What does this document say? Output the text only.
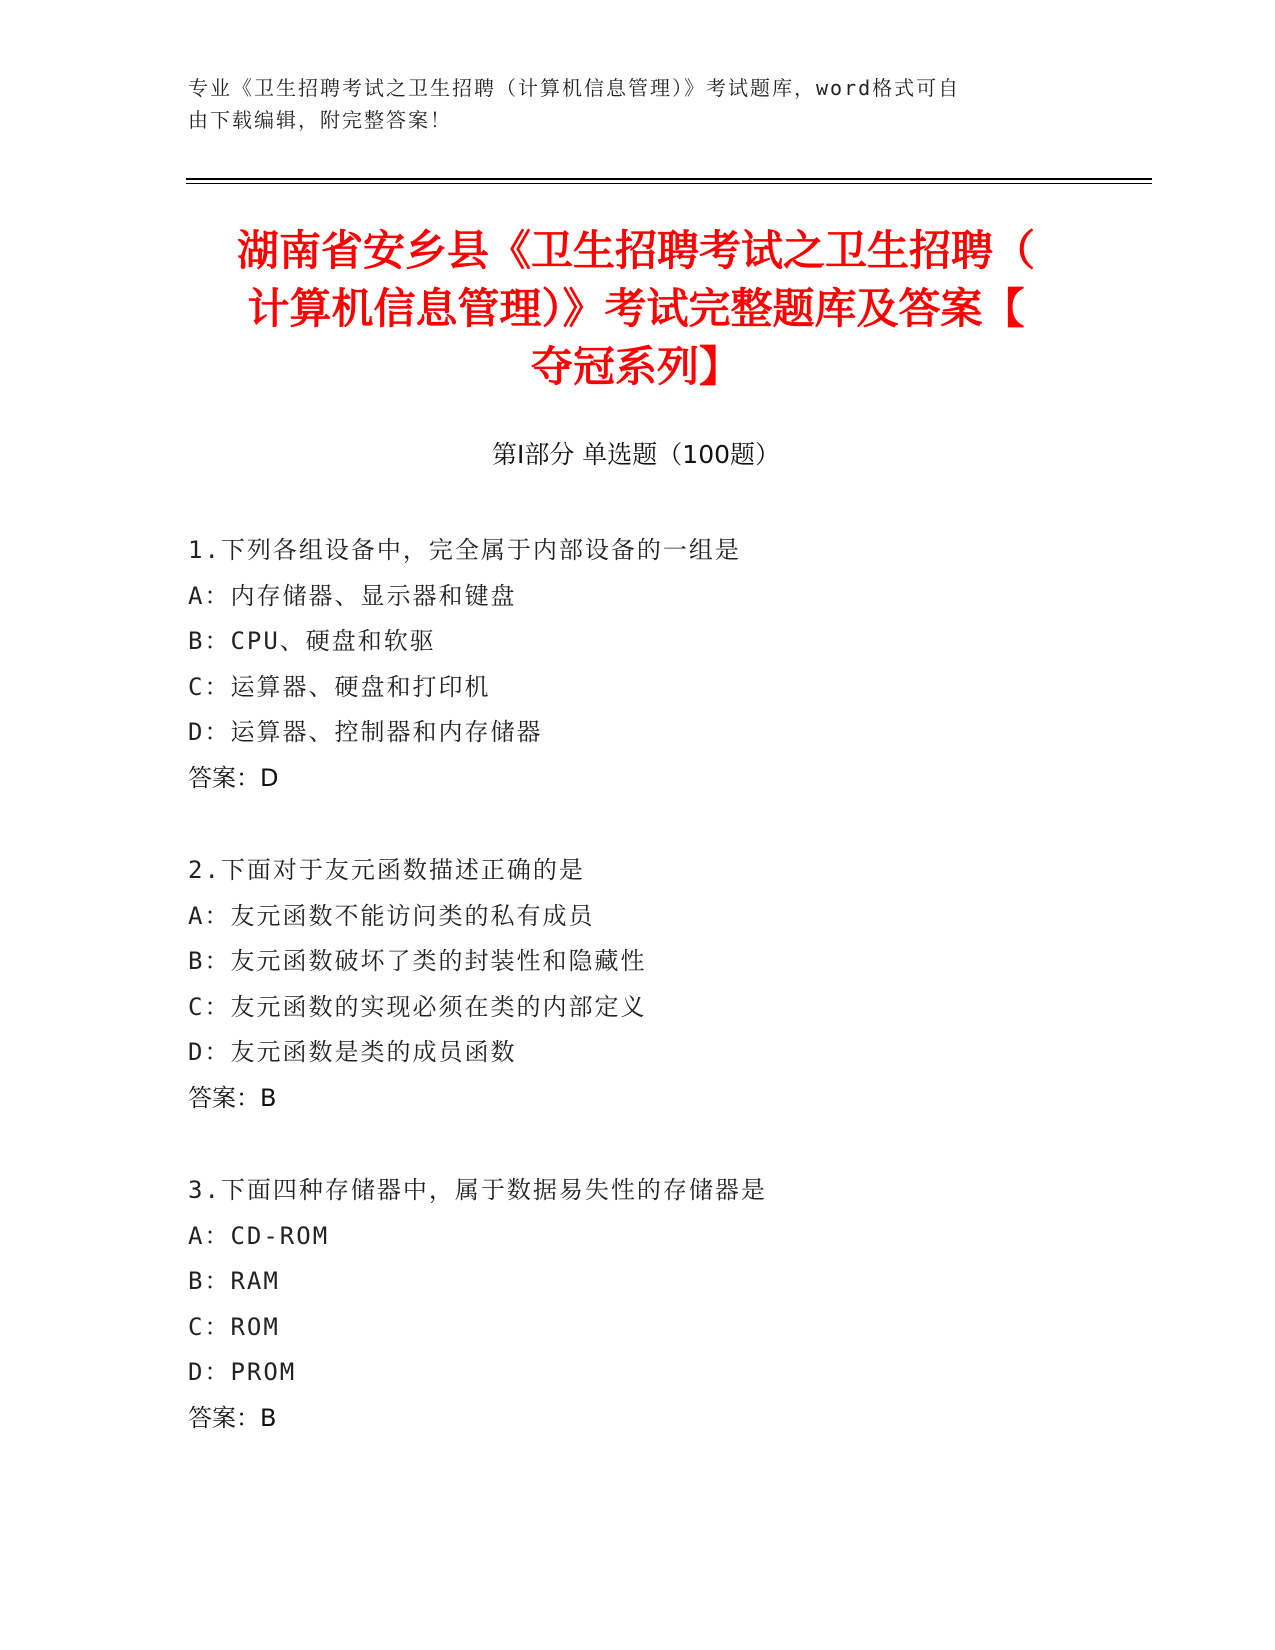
专业《卫生招聘考试之卫生招聘（计算机信息管理）》考试题库，word格式可自
由下载编辑，附完整答案！
湖南省安乡县《卫生招聘考试之卫生招聘（
计算机信息管理）》考试完整题库及答案【
夺冠系列】
第Ⅰ部分 单选题（100题）
1.下列各组设备中，完全属于内部设备的一组是
A：内存储器、显示器和键盘
B：CPU、硬盘和软驱
C：运算器、硬盘和打印机
D：运算器、控制器和内存储器
答案：D
2.下面对于友元函数描述正确的是
A：友元函数不能访问类的私有成员
B：友元函数破坏了类的封装性和隐藏性
C：友元函数的实现必须在类的内部定义
D：友元函数是类的成员函数
答案：B
3.下面四种存储器中，属于数据易失性的存储器是
A：CD-ROM
B：RAM
C：ROM
D：PROM
答案：B
